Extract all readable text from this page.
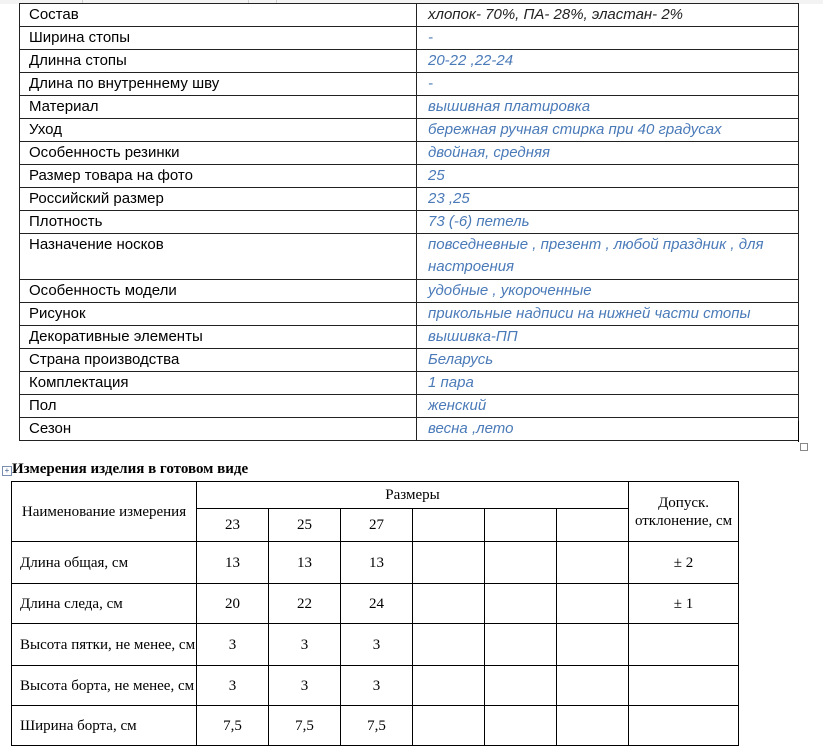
Состав	хлопок- 70%, ПА- 28%, эластан- 2%
Ширина стопы	-
Длинна стопы	20-22 ,22-24
Длина по внутреннему шву	-
Материал	вышивная платировка
Уход	бережная ручная стирка при 40 градусах
Особенность резинки	двойная, средняя
Размер товара на фото	25
Российский размер	23 ,25
Плотность	73 (-6) петель
Назначение носков	повседневные , презент , любой праздник , для настроения
Особенность модели	удобные , укороченные
Рисунок	прикольные надписи на нижней части стопы
Декоративные элементы	вышивка-ПП
Страна производства	Беларусь
Комплектация	1 пара
Пол	женский
Сезон	весна ,лето
+ Измерения изделия в готовом виде
Наименование измерения	Размеры						Допуск. отклонение, см
	23	25	27				
Длина общая, см	13	13	13				± 2
Длина следа, см	20	22	24				± 1
Высота пятки, не менее, см	3	3	3				
Высота борта, не менее, см	3	3	3				
Ширина борта, см	7,5	7,5	7,5				
